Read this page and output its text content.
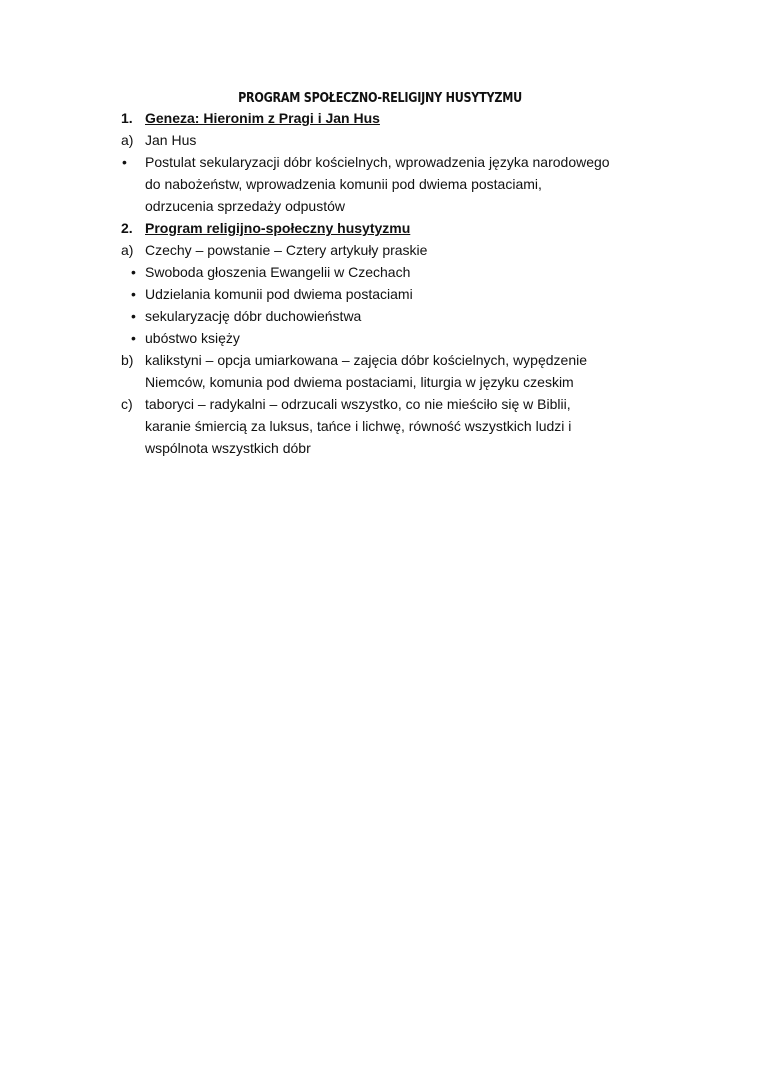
PROGRAM SPOŁECZNO-RELIGIJNY HUSYTYZMU
1. Geneza: Hieronim z Pragi i Jan Hus
a) Jan Hus
• Postulat sekularyzacji dóbr kościelnych, wprowadzenia języka narodowego
do nabożeństw, wprowadzenia komunii pod dwiema postaciami,
odrzucenia sprzedaży odpustów
2. Program religijno-społeczny husytyzmu
a) Czechy – powstanie – Cztery artykuły praskie
• Swoboda głoszenia Ewangelii w Czechach
• Udzielania komunii pod dwiema postaciami
• sekularyzację dóbr duchowieństwa
• ubóstwo księży
b) kalikstyni – opcja umiarkowana – zajęcia dóbr kościelnych, wypędzenie
Niemców, komunia pod dwiema postaciami, liturgia w języku czeskim
c) taboryci – radykalni – odrzucali wszystko, co nie mieściło się w Biblii,
karanie śmiercią za luksus, tańce i lichwę, równość wszystkich ludzi i
wspólnota wszystkich dóbr
